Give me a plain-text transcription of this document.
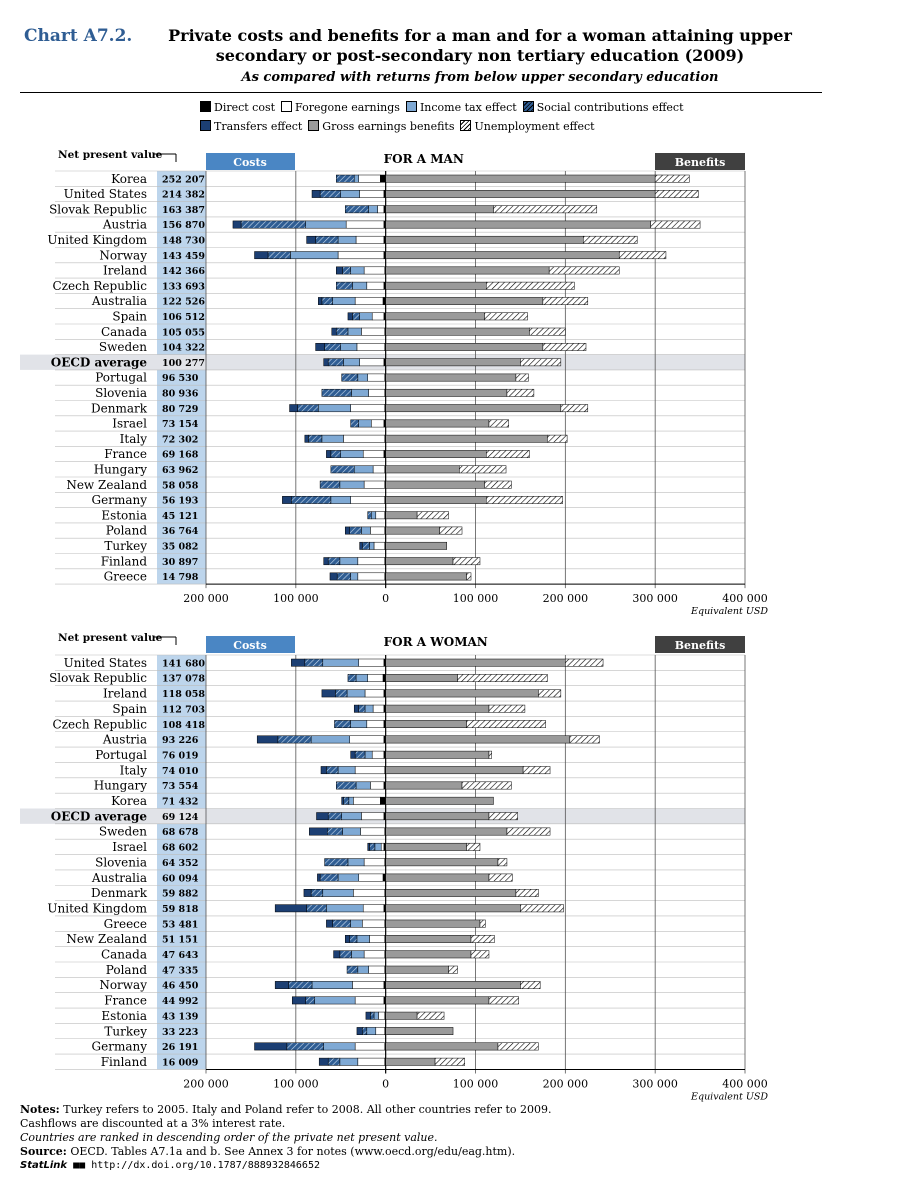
Chart A7.2.	Private costs and benefits for a man and for a woman attaining upper secondary or post-secondary non tertiary education (2009)
As compared with returns from below upper secondary education
Direct cost Foregone earnings Income tax effect Social contributions effect
Transfers effect Gross earnings benefits Unemployment effect
Costs	Benefits
FOR A MAN
Net present value
200 000	100 000	0	100 000	200 000	300 000	400 000
Equivalent USD
Korea 252 207
United States 214 382
Slovak Republic 163 387
Austria 156 870
United Kingdom 148 730
Norway 143 459
Ireland 142 366
Czech Republic 133 693
Australia 122 526
Spain 106 512
Canada 105 055
Sweden 104 322
OECD average 100 277
Portugal 96 530
Slovenia 80 936
Denmark 80 729
Israel 73 154
Italy 72 302
France 69 168
Hungary 63 962
New Zealand 58 058
Germany 56 193
Estonia 45 121
Poland 36 764
Turkey 35 082
Finland 30 897
Greece 14 798
Costs	Benefits
FOR A WOMAN
Net present value
200 000	100 000	0	100 000	200 000	300 000	400 000
Equivalent USD
United States 141 680
Slovak Republic 137 078
Ireland 118 058
Spain 112 703
Czech Republic 108 418
Austria 93 226
Portugal 76 019
Italy 74 010
Hungary 73 554
Korea 71 432
OECD average 69 124
Sweden 68 678
Israel 68 602
Slovenia 64 352
Australia 60 094
Denmark 59 882
United Kingdom 59 818
Greece 53 481
New Zealand 51 151
Canada 47 643
Poland 47 335
Norway 46 450
France 44 992
Estonia 43 139
Turkey 33 223
Germany 26 191
Finland 16 009
Notes: Turkey refers to 2005. Italy and Poland refer to 2008. All other countries refer to 2009.
Cashflows are discounted at a 3% interest rate.
Countries are ranked in descending order of the private net present value.
Source: OECD. Tables A7.1a and b. See Annex 3 for notes (www.oecd.org/edu/eag.htm).
StatLink ■■ http://dx.doi.org/10.1787/888932846652
